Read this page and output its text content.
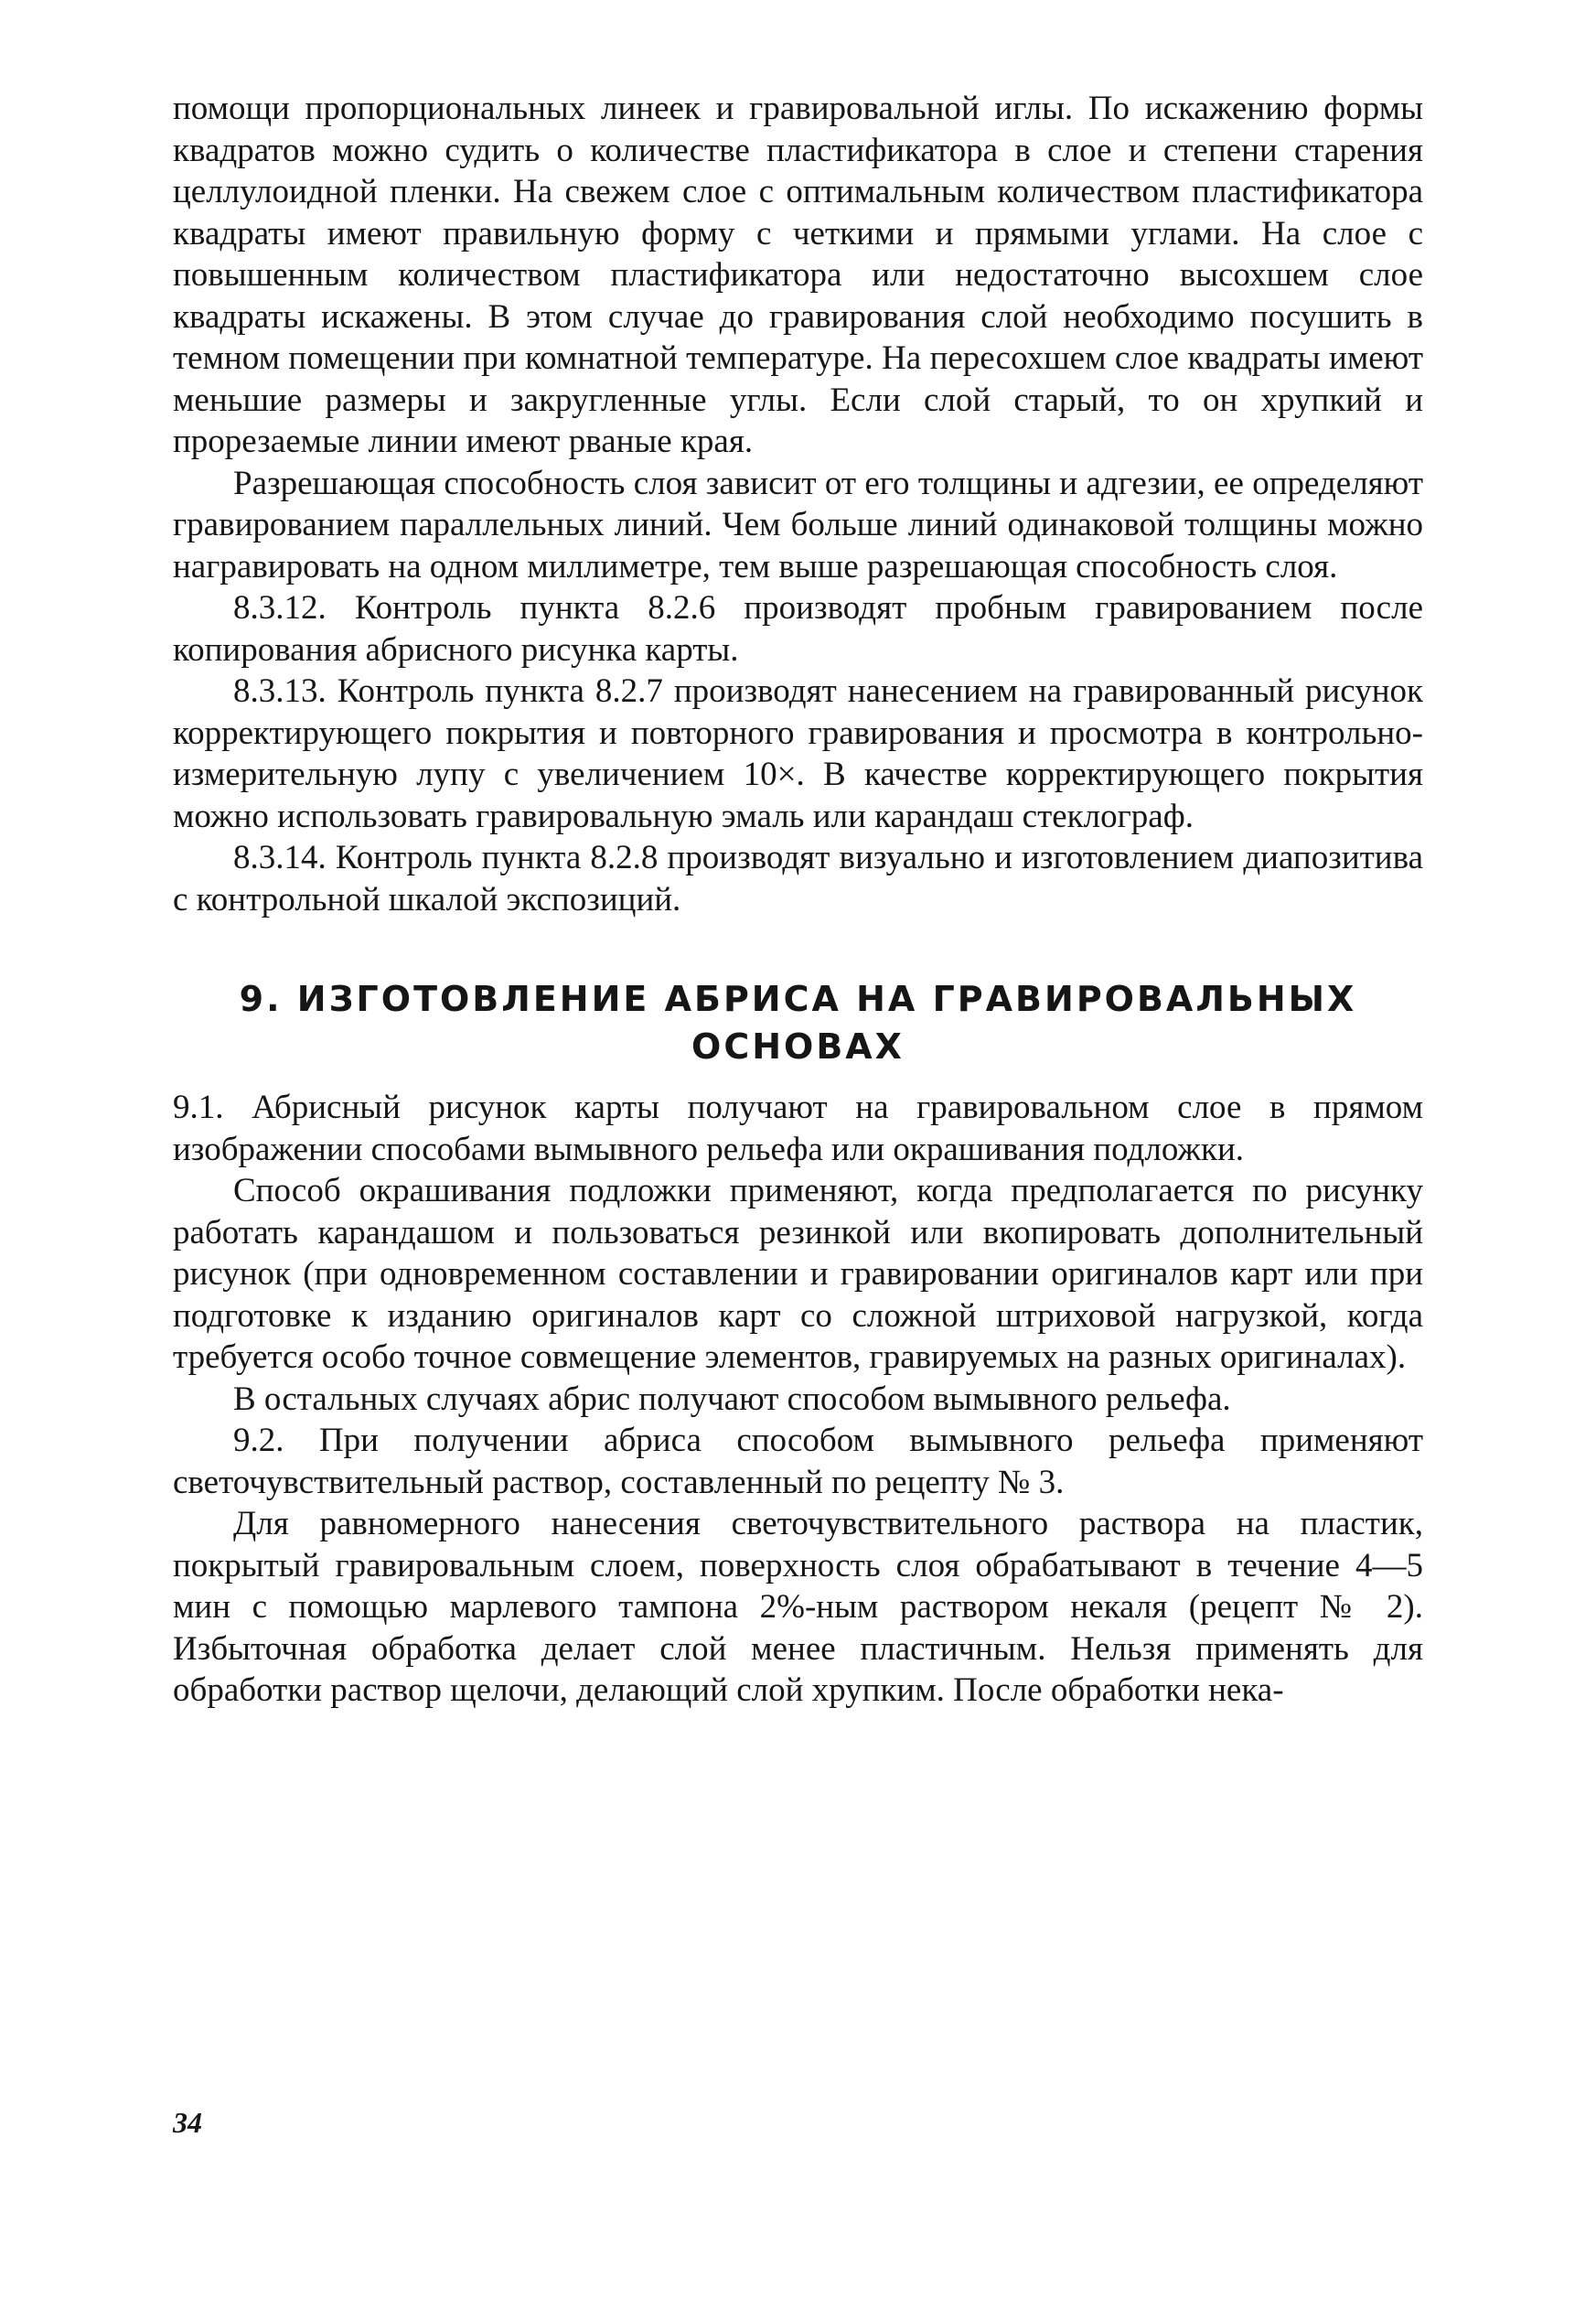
помощи пропорциональных линеек и гравировальной иглы. По искажению формы квадратов можно судить о количестве пластификатора в слое и степени старения целлулоидной пленки. На свежем слое с оптимальным количеством пластификатора квадраты имеют правильную форму с четкими и прямыми углами. На слое с повышенным количеством пластификатора или недостаточно высохшем слое квадраты искажены. В этом случае до гравирования слой необходимо посушить в темном помещении при комнатной температуре. На пересохшем слое квадраты имеют меньшие размеры и закругленные углы. Если слой старый, то он хрупкий и прорезаемые линии имеют рваные края.

Разрешающая способность слоя зависит от его толщины и адгезии, ее определяют гравированием параллельных линий. Чем больше линий одинаковой толщины можно награвировать на одном миллиметре, тем выше разрешающая способность слоя.

8.3.12. Контроль пункта 8.2.6 производят пробным гравированием после копирования абрисного рисунка карты.

8.3.13. Контроль пункта 8.2.7 производят нанесением на гравированный рисунок корректирующего покрытия и повторного гравирования и просмотра в контрольно-измерительную лупу с увеличением 10×. В качестве корректирующего покрытия можно использовать гравировальную эмаль или карандаш стеклограф.

8.3.14. Контроль пункта 8.2.8 производят визуально и изготовлением диапозитива с контрольной шкалой экспозиций.

9. ИЗГОТОВЛЕНИЕ АБРИСА НА ГРАВИРОВАЛЬНЫХ
ОСНОВАХ

9.1. Абрисный рисунок карты получают на гравировальном слое в прямом изображении способами вымывного рельефа или окрашивания подложки.

Способ окрашивания подложки применяют, когда предполагается по рисунку работать карандашом и пользоваться резинкой или вкопировать дополнительный рисунок (при одновременном составлении и гравировании оригиналов карт или при подготовке к изданию оригиналов карт со сложной штриховой нагрузкой, когда требуется особо точное совмещение элементов, гравируемых на разных оригиналах).

В остальных случаях абрис получают способом вымывного рельефа.

9.2. При получении абриса способом вымывного рельефа применяют светочувствительный раствор, составленный по рецепту № 3.

Для равномерного нанесения светочувствительного раствора на пластик, покрытый гравировальным слоем, поверхность слоя обрабатывают в течение 4—5 мин с помощью марлевого тампона 2%-ным раствором некаля (рецепт № 2). Избыточная обработка делает слой менее пластичным. Нельзя применять для обработки раствор щелочи, делающий слой хрупким. После обработки нека-

34
